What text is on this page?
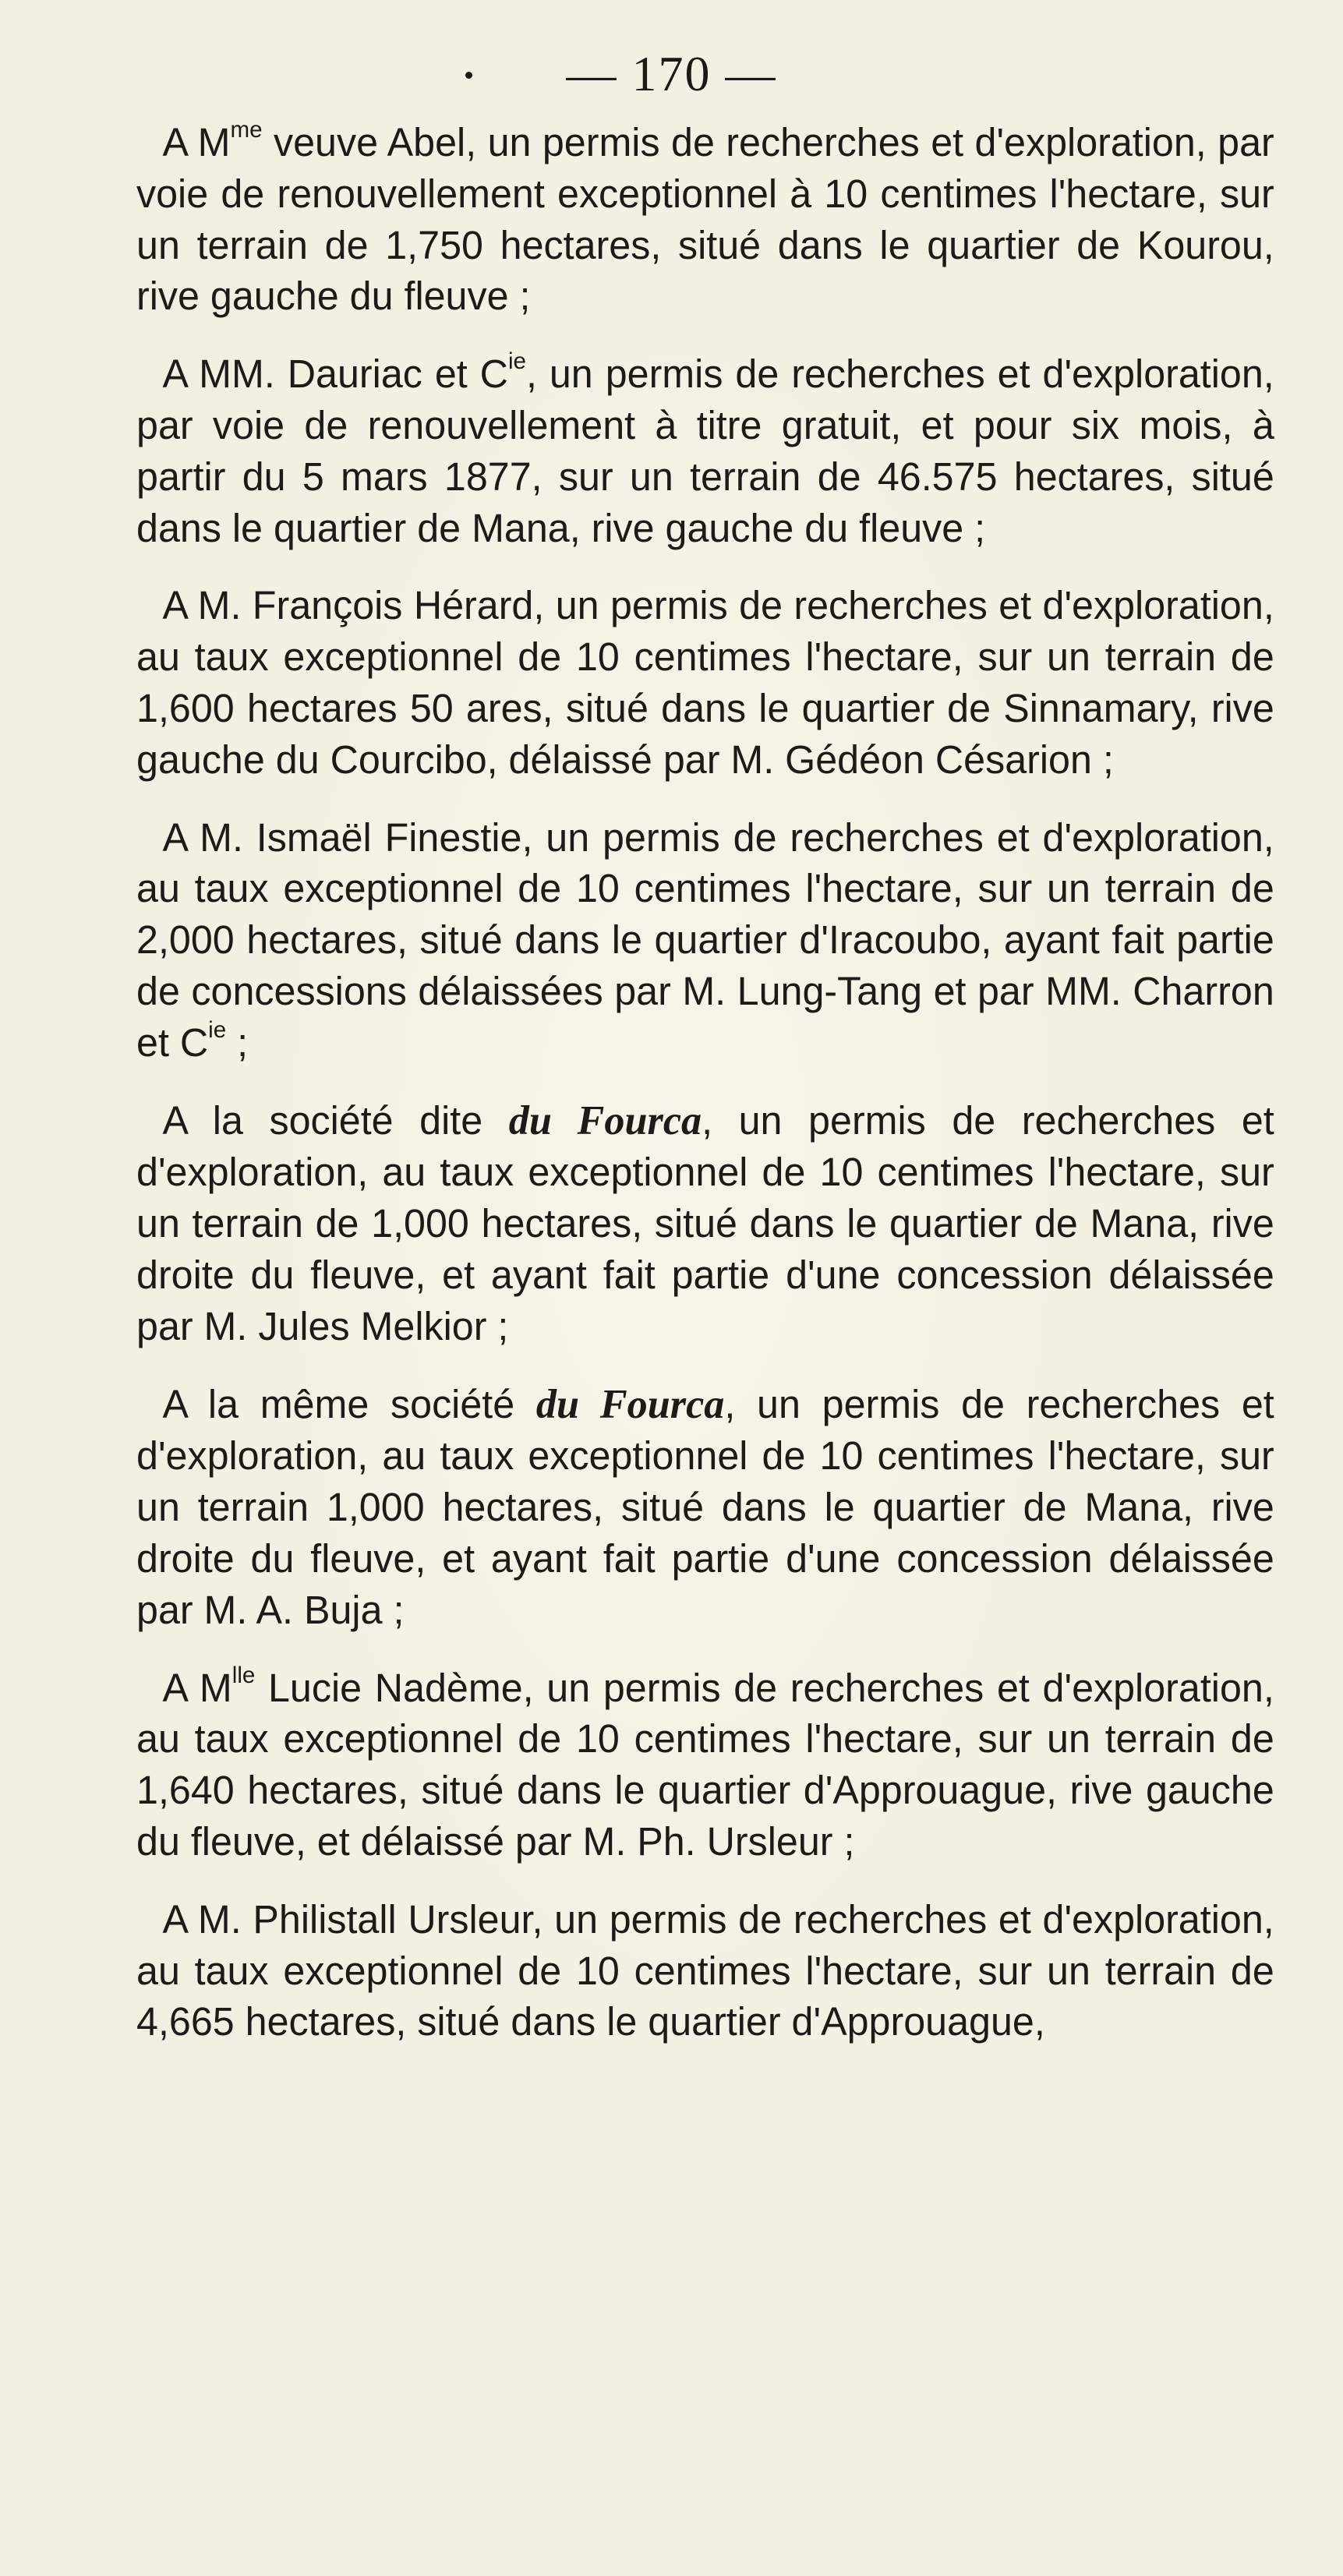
— 170 —

A $M^{me}$ veuve Abel, un permis de recherches et d'exploration, par voie de renouvellement exceptionnel à 10 centimes l'hectare, sur un terrain de 1,750 hectares, situé dans le quartier de Kourou, rive gauche du fleuve ;

A MM. Dauriac et $C^{ie}$, un permis de recherches et d'exploration, par voie de renouvellement à titre gratuit, et pour six mois, à partir du 5 mars 1877, sur un terrain de 46.575 hectares, situé dans le quartier de Mana, rive gauche du fleuve ;

A M. François Hérard, un permis de recherches et d'exploration, au taux exceptionnel de 10 centimes l'hectare, sur un terrain de 1,600 hectares 50 ares, situé dans le quartier de Sinnamary, rive gauche du Courcibo, délaissé par M. Gédéon Césarion ;

A M. Ismaël Finestie, un permis de recherches et d'exploration, au taux exceptionnel de 10 centimes l'hectare, sur un terrain de 2,000 hectares, situé dans le quartier d'Iracoubo, ayant fait partie de concessions délaissées par M. Lung-Tang et par MM. Charron et $C^{ie}$ ;

A la société dite du Fourca, un permis de recherches et d'exploration, au taux exceptionnel de 10 centimes l'hectare, sur un terrain de 1,000 hectares, situé dans le quartier de Mana, rive droite du fleuve, et ayant fait partie d'une concession délaissée par M. Jules Melkior ;

A la même société du Fourca, un permis de recherches et d'exploration, au taux exceptionnel de 10 centimes l'hectare, sur un terrain 1,000 hectares, situé dans le quartier de Mana, rive droite du fleuve, et ayant fait partie d'une concession délaissée par M. A. Buja ;

A $M^{lle}$ Lucie Nadème, un permis de recherches et d'exploration, au taux exceptionnel de 10 centimes l'hectare, sur un terrain de 1,640 hectares, situé dans le quartier d'Approuague, rive gauche du fleuve, et délaissé par M. Ph. Ursleur ;

A M. Philistall Ursleur, un permis de recherches et d'exploration, au taux exceptionnel de 10 centimes l'hectare, sur un terrain de 4,665 hectares, situé dans le quartier d'Approuague,
